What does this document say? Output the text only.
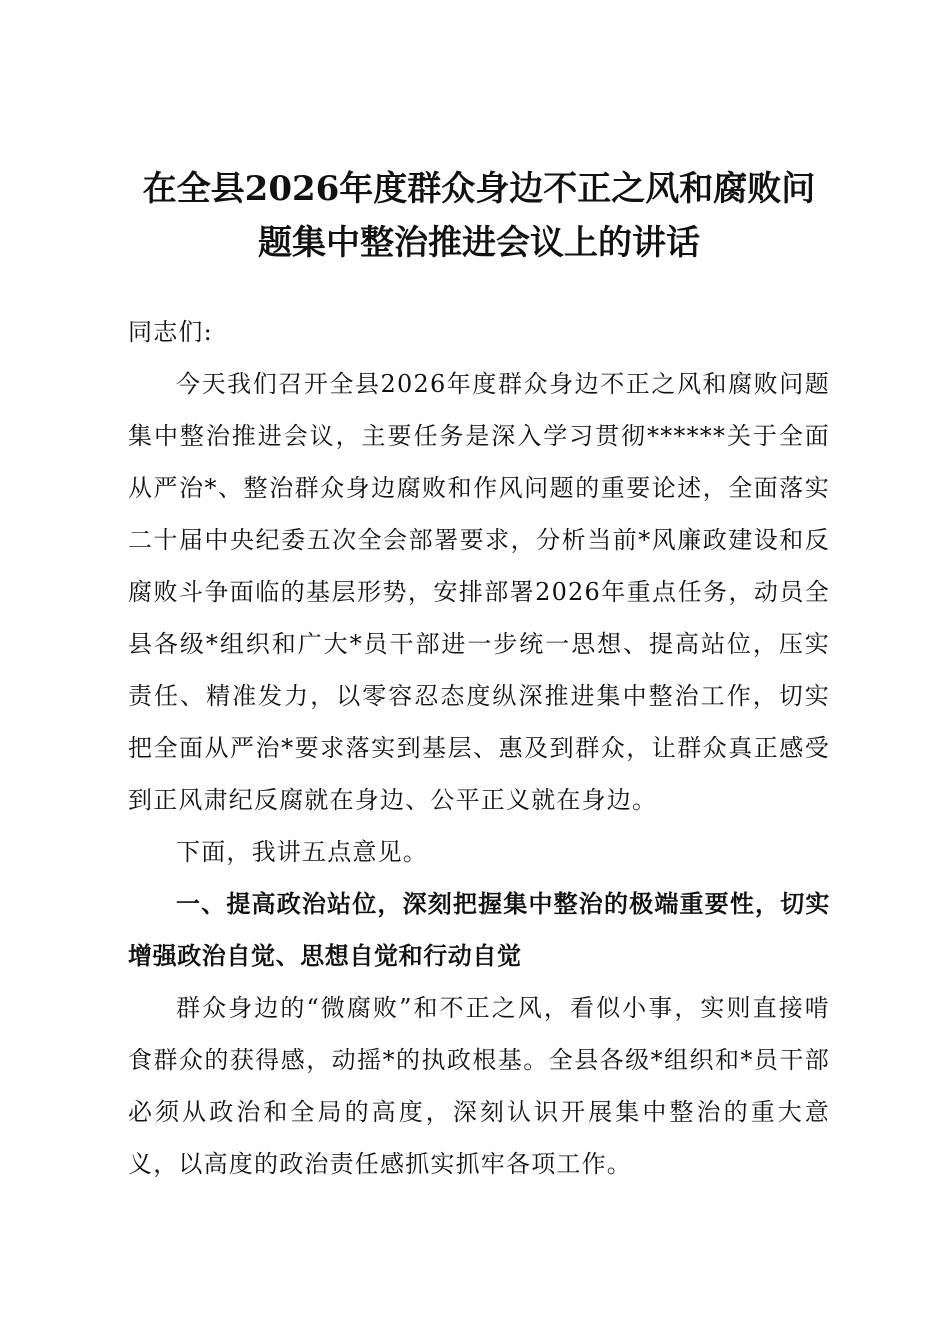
在全县2026年度群众身边不正之风和腐败问
题集中整治推进会议上的讲话

同志们:

今天我们召开全县2026年度群众身边不正之风和腐败问题集中整治推进会议，主要任务是深入学习贯彻******关于全面从严治*、整治群众身边腐败和作风问题的重要论述，全面落实二十届中央纪委五次全会部署要求，分析当前*风廉政建设和反腐败斗争面临的基层形势，安排部署2026年重点任务，动员全县各级*组织和广大*员干部进一步统一思想、提高站位，压实责任、精准发力，以零容忍态度纵深推进集中整治工作，切实把全面从严治*要求落实到基层、惠及到群众，让群众真正感受到正风肃纪反腐就在身边、公平正义就在身边。

下面，我讲五点意见。

一、提高政治站位，深刻把握集中整治的极端重要性，切实增强政治自觉、思想自觉和行动自觉

群众身边的“微腐败”和不正之风，看似小事，实则直接啃食群众的获得感，动摇*的执政根基。全县各级*组织和*员干部必须从政治和全局的高度，深刻认识开展集中整治的重大意义，以高度的政治责任感抓实抓牢各项工作。
